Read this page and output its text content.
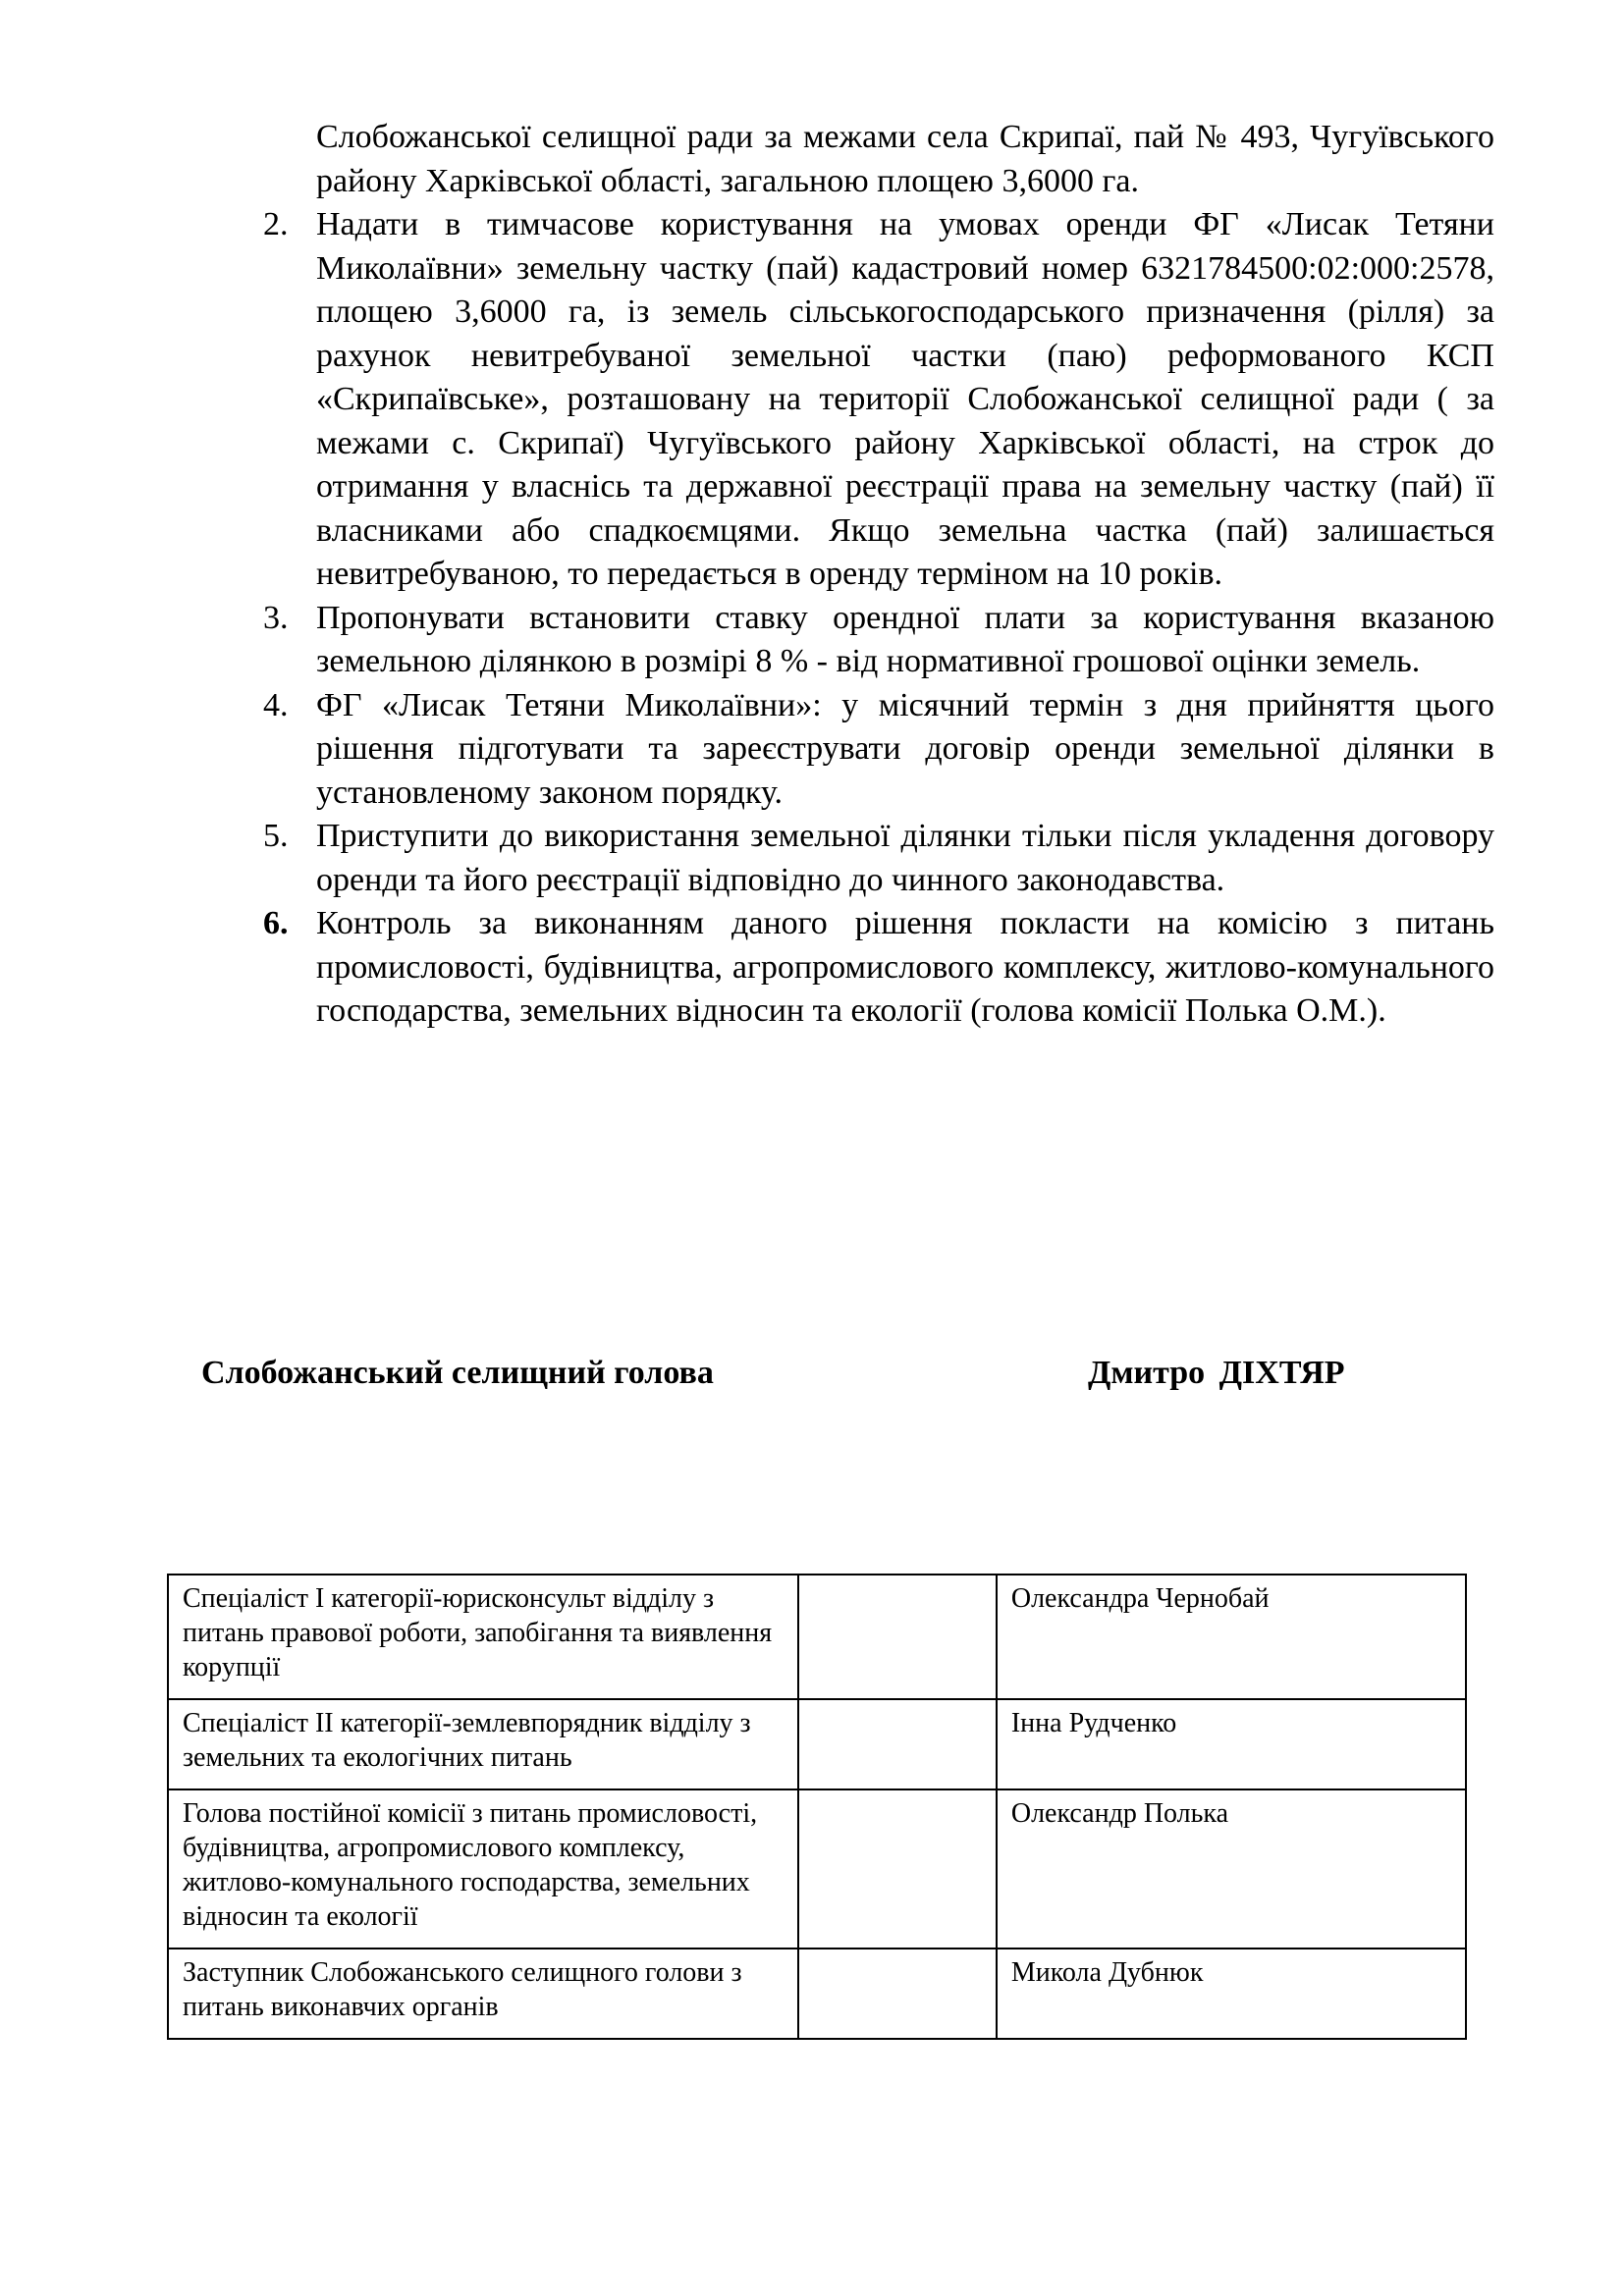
Слобожанської селищної ради за межами села Скрипаї, пай № 493, Чугуївського району Харківської області, загальною площею 3,6000 га.
2. Надати в тимчасове користування на умовах оренди ФГ «Лисак Тетяни Миколаївни» земельну частку (пай) кадастровий номер 6321784500:02:000:2578, площею 3,6000 га, із земель сільськогосподарського призначення (рілля) за рахунок невитребуваної земельної частки (паю) реформованого КСП «Скрипаївське», розташовану на території Слобожанської селищної ради ( за межами с. Скрипаї) Чугуївського району Харківської області, на строк до отримання у власнісь та державної реєстрації права на земельну частку (пай) її власниками або спадкоємцями. Якщо земельна частка (пай) залишається невитребуваною, то передається в оренду терміном на 10 років.
3. Пропонувати встановити ставку орендної плати за користування вказаною земельною ділянкою в розмірі 8 % - від нормативної грошової оцінки земель.
4. ФГ «Лисак Тетяни Миколаївни»: у місячний термін з дня прийняття цього рішення підготувати та зареєструвати договір оренди земельної ділянки в установленому законом порядку.
5. Приступити до використання земельної ділянки тільки після укладення договору оренди та його реєстрації відповідно до чинного законодавства.
6. Контроль за виконанням даного рішення покласти на комісію з питань промисловості, будівництва, агропромислового комплексу, житлово-комунального господарства, земельних відносин та екології (голова комісії Полька О.М.).
Слобожанський селищний голова	Дмитро ДІХТЯР
Спеціаліст І категорії-юрисконсульт відділу з питань правової роботи, запобігання та виявлення корупції		Олександра Чернобай
Спеціаліст ІІ категорії-землевпорядник відділу з земельних та екологічних питань		Інна Рудченко
Голова постійної комісії з питань промисловості, будівництва, агропромислового комплексу, житлово-комунального господарства, земельних відносин та екології		Олександр Полька
Заступник Слобожанського селищного голови з питань виконавчих органів		Микола Дубнюк
